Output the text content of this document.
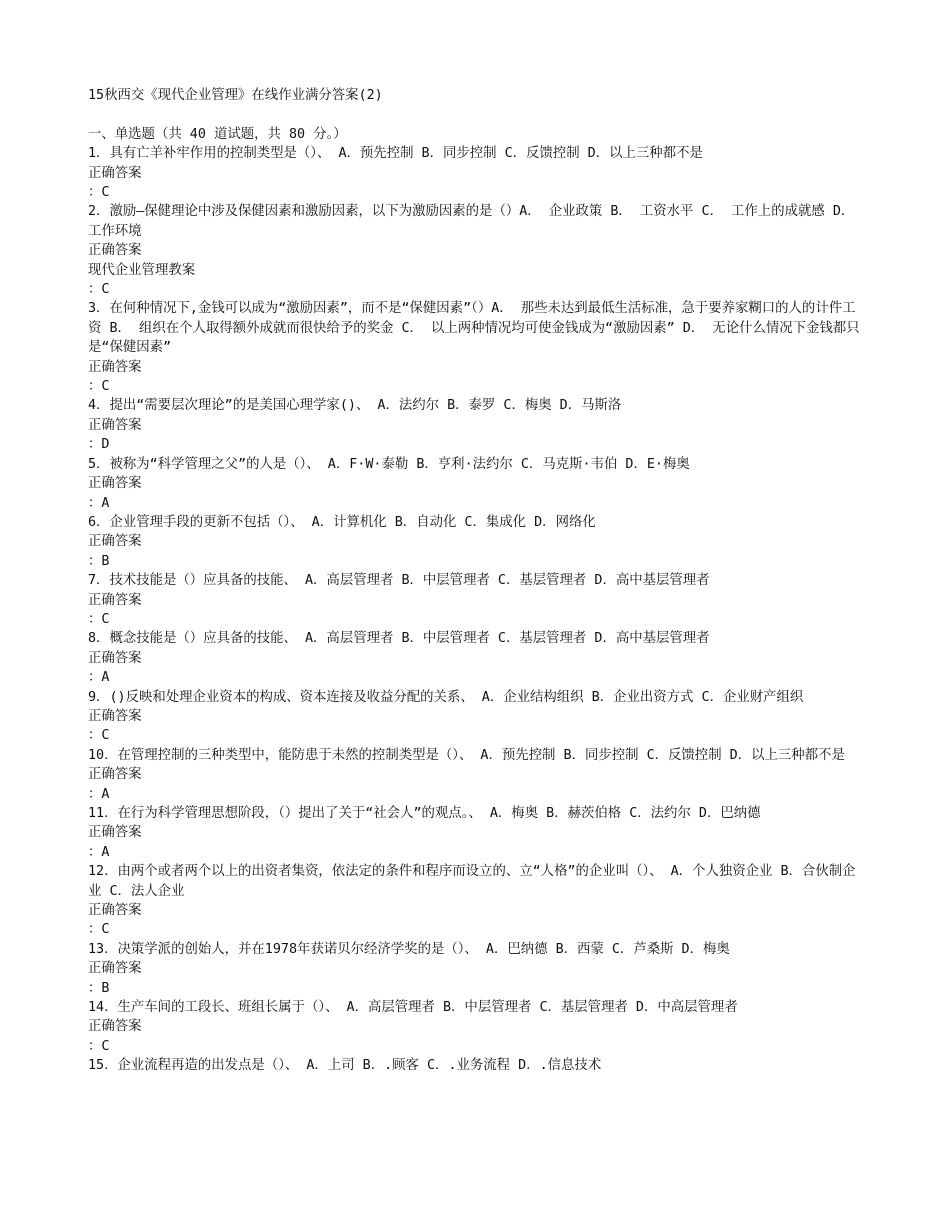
15秋西交《现代企业管理》在线作业满分答案(2)
一、单选题（共 40 道试题，共 80 分。）
1．具有亡羊补牢作用的控制类型是（）、 A．预先控制 B．同步控制 C．反馈控制 D．以上三种都不是
正确答案
：C
2．激励—保健理论中涉及保健因素和激励因素，以下为激励因素的是（）A． 企业政策 B． 工资水平 C． 工作上的成就感 D． 工作环境
正确答案
现代企业管理教案
：C
3．在何种情况下,金钱可以成为“激励因素”，而不是“保健因素”（）A． 那些未达到最低生活标准，急于要养家糊口的人的计件工资 B． 组织在个人取得额外成就而很快给予的奖金 C． 以上两种情况均可使金钱成为“激励因素” D． 无论什么情况下金钱都只是“保健因素”
正确答案
：C
4．提出“需要层次理论”的是美国心理学家()、 A．法约尔 B．泰罗 C．梅奥 D．马斯洛
正确答案
：D
5．被称为“科学管理之父”的人是（）、 A．F·W·泰勒 B．亨利·法约尔 C．马克斯·韦伯 D．E·梅奥
正确答案
：A
6．企业管理手段的更新不包括（）、 A．计算机化 B．自动化 C．集成化 D．网络化
正确答案
：B
7．技术技能是（）应具备的技能、 A．高层管理者 B．中层管理者 C．基层管理者 D．高中基层管理者
正确答案
：C
8．概念技能是（）应具备的技能、 A．高层管理者 B．中层管理者 C．基层管理者 D．高中基层管理者
正确答案
：A
9．()反映和处理企业资本的构成、资本连接及收益分配的关系、 A．企业结构组织 B．企业出资方式 C．企业财产组织
正确答案
：C
10．在管理控制的三种类型中，能防患于未然的控制类型是（）、 A．预先控制 B．同步控制 C．反馈控制 D．以上三种都不是
正确答案
：A
11．在行为科学管理思想阶段，（）提出了关于“社会人”的观点。、 A．梅奥 B．赫茨伯格 C．法约尔 D．巴纳德
正确答案
：A
12．由两个或者两个以上的出资者集资，依法定的条件和程序而设立的、立“人格”的企业叫（）、 A．个人独资企业 B．合伙制企业 C．法人企业
正确答案
：C
13．决策学派的创始人，并在1978年获诺贝尔经济学奖的是（）、 A．巴纳德 B．西蒙 C．芦桑斯 D．梅奥
正确答案
：B
14．生产车间的工段长、班组长属于（）、 A．高层管理者 B．中层管理者 C．基层管理者 D．中高层管理者
正确答案
：C
15．企业流程再造的出发点是（）、 A．上司 B．.顾客 C．.业务流程 D．.信息技术
